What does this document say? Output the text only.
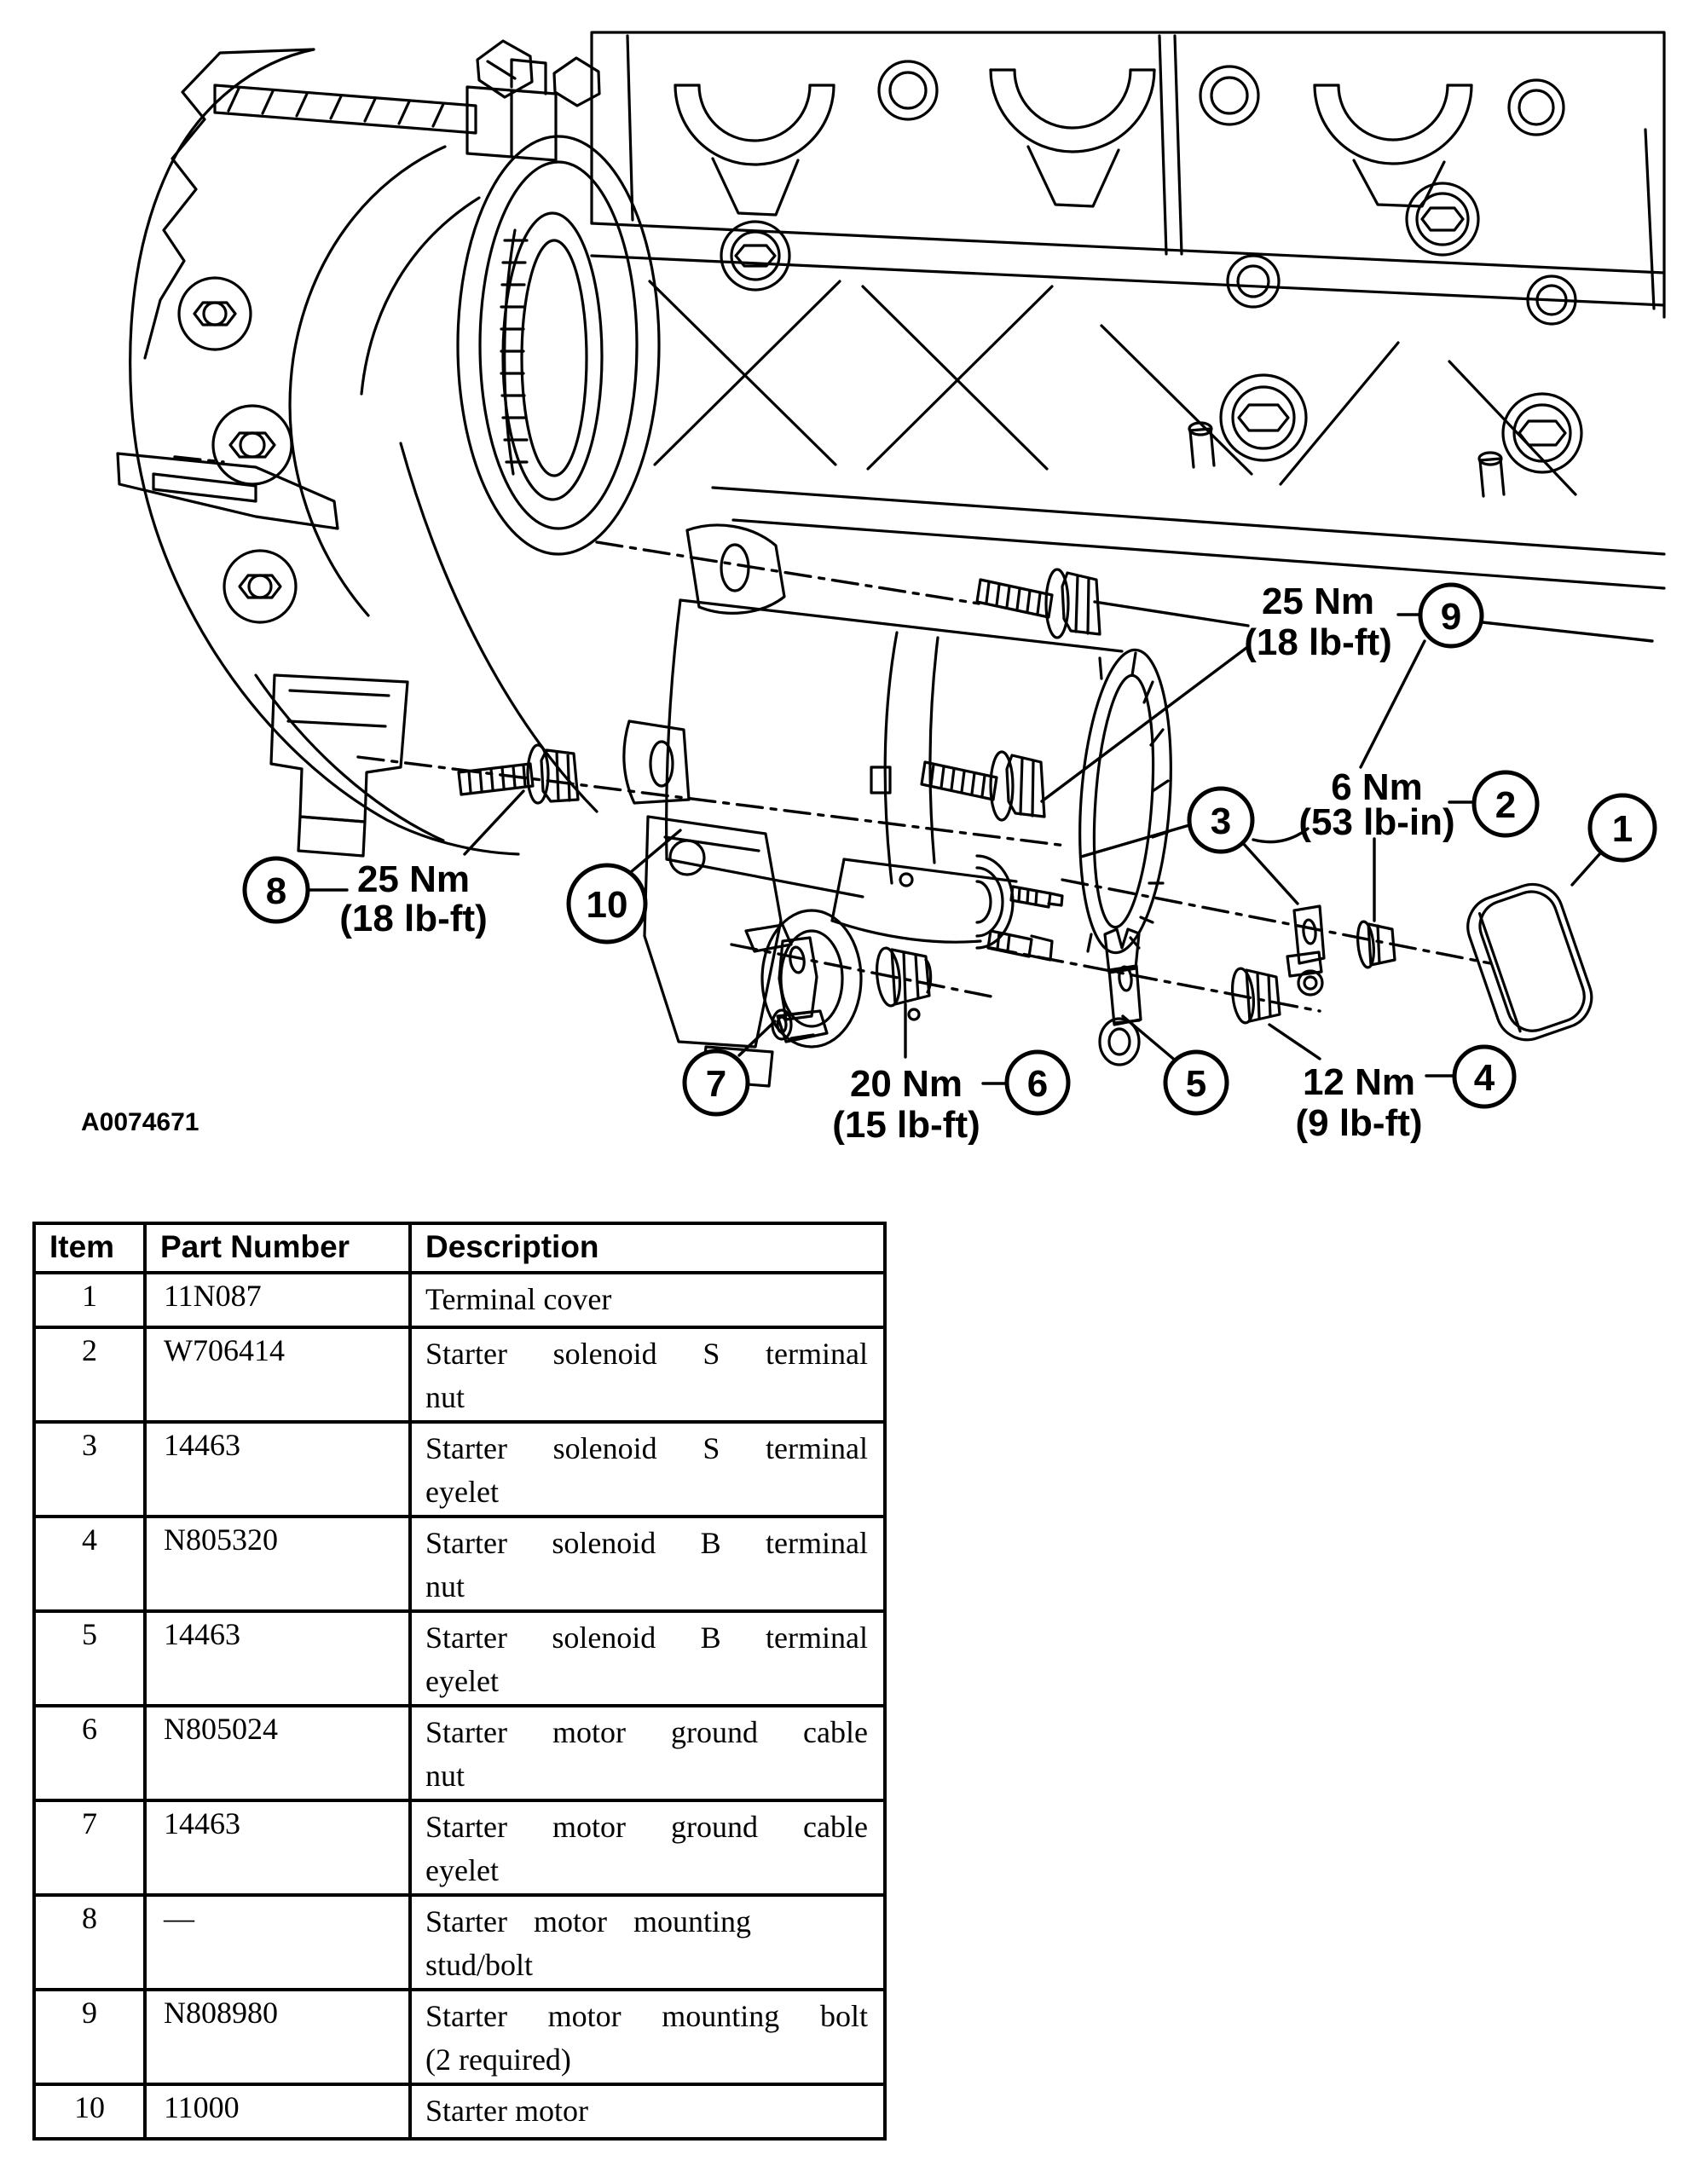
1
2
3
4
5
6
7
8
9
10
25 Nm
(18 lb-ft)
25 Nm
(18 lb-ft)
6 Nm
(53 lb-in)
20 Nm
(15 lb-ft)
12 Nm
(9 lb-ft)
A0074671
Item	Part Number	Description
1	11N087	Terminal cover

2	W706414	Starter solenoid S terminal
nut

3	14463	Starter solenoid S terminal
eyelet

4	N805320	Starter solenoid B terminal
nut

5	14463	Starter solenoid B terminal
eyelet

6	N805024	Starter motor ground cable
nut

7	14463	Starter motor ground cable
eyelet

8	—	Starter motor mounting
stud/bolt

9	N808980	Starter motor mounting bolt
(2 required)

10	11000	Starter motor
